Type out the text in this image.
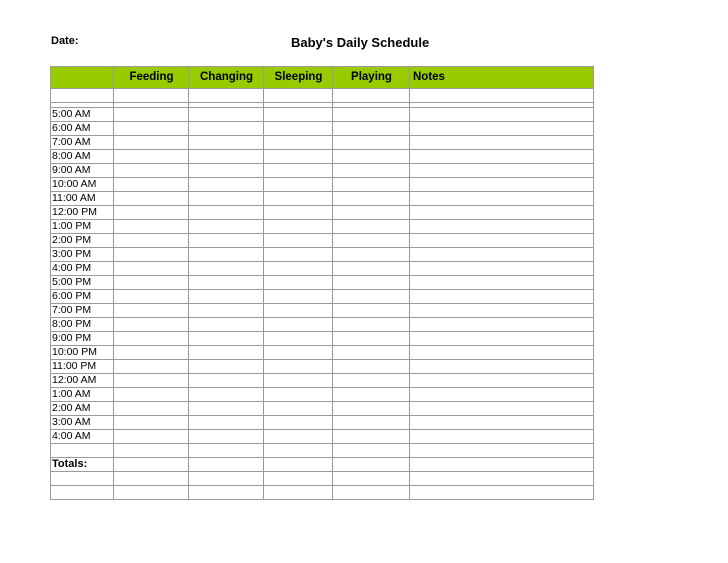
Date:	Baby's Daily Schedule
	Feeding	Changing	Sleeping	Playing	Notes

5:00 AM					
6:00 AM					
7:00 AM					
8:00 AM					
9:00 AM					
10:00 AM					
11:00 AM					
12:00 PM					
1:00 PM					
2:00 PM					
3:00 PM					
4:00 PM					
5:00 PM					
6:00 PM					
7:00 PM					
8:00 PM					
9:00 PM					
10:00 PM					
11:00 PM					
12:00 AM					
1:00 AM					
2:00 AM					
3:00 AM					
4:00 AM					

Totals:					
